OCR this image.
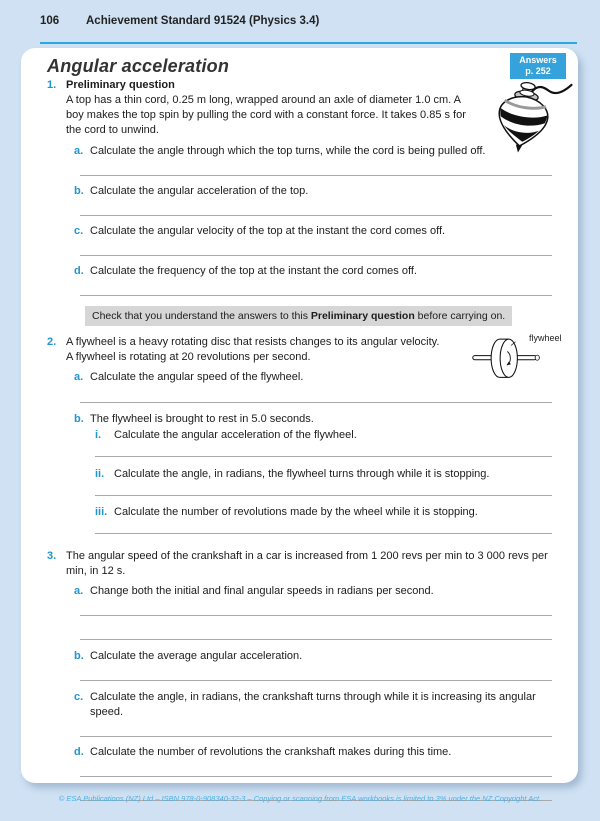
106 Achievement Standard 91524 (Physics 3.4)
Answers
p. 252
Angular acceleration
1. Preliminary question
A top has a thin cord, 0.25 m long, wrapped around an axle of diameter 1.0 cm. A boy makes the top spin by pulling the cord with a constant force. It takes 0.85 s for the cord to unwind.
a. Calculate the angle through which the top turns, while the cord is being pulled off.
b. Calculate the angular acceleration of the top.
c. Calculate the angular velocity of the top at the instant the cord comes off.
d. Calculate the frequency of the top at the instant the cord comes off.
Check that you understand the answers to this Preliminary question before carrying on.
flywheel
2. A flywheel is a heavy rotating disc that resists changes to its angular velocity.
A flywheel is rotating at 20 revolutions per second.
a. Calculate the angular speed of the flywheel.
b. The flywheel is brought to rest in 5.0 seconds.
i.	Calculate the angular acceleration of the flywheel.
ii. Calculate the angle, in radians, the flywheel turns through while it is stopping.
iii. Calculate the number of revolutions made by the wheel while it is stopping.
3. The angular speed of the crankshaft in a car is increased from 1 200 revs per min to 3 000 revs per min, in 12 s.
a. Change both the initial and final angular speeds in radians per second.
b. Calculate the average angular acceleration.
c. Calculate the angle, in radians, the crankshaft turns through while it is increasing its angular speed.
d. Calculate the number of revolutions the crankshaft makes during this time.
© ESA Publications (NZ) Ltd – ISBN 978-0-908340-32-3 – Copying or scanning from ESA workbooks is limited to 3% under the NZ Copyright Act.
